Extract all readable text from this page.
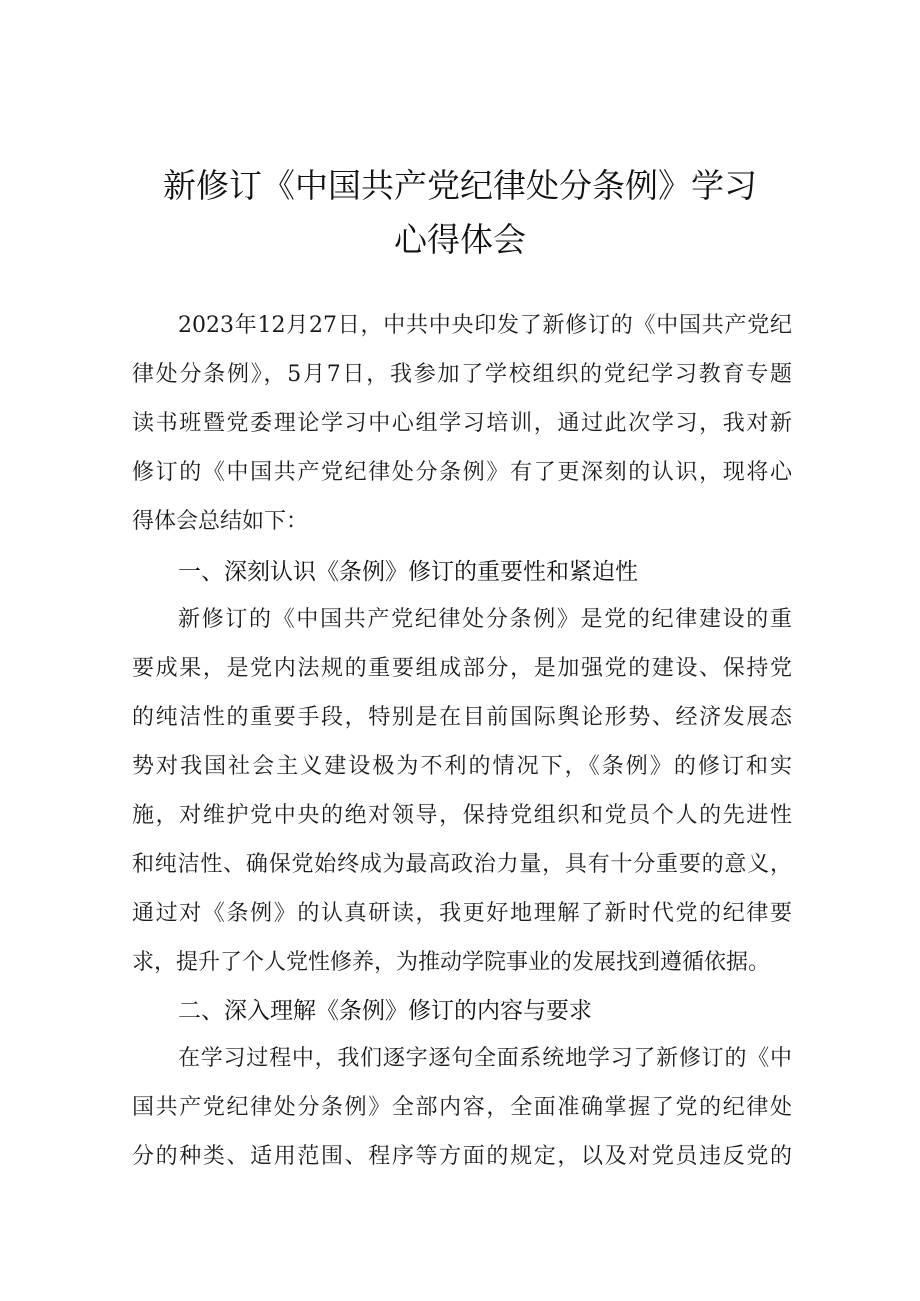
新修订《中国共产党纪律处分条例》学习
心得体会
2023年12月27日，中共中央印发了新修订的《中国共产党纪
律处分条例》，5月7日，我参加了学校组织的党纪学习教育专题
读书班暨党委理论学习中心组学习培训，通过此次学习，我对新
修订的《中国共产党纪律处分条例》有了更深刻的认识，现将心
得体会总结如下：
一、深刻认识《条例》修订的重要性和紧迫性
新修订的《中国共产党纪律处分条例》是党的纪律建设的重
要成果，是党内法规的重要组成部分，是加强党的建设、保持党
的纯洁性的重要手段，特别是在目前国际舆论形势、经济发展态
势对我国社会主义建设极为不利的情况下，《条例》的修订和实
施，对维护党中央的绝对领导，保持党组织和党员个人的先进性
和纯洁性、确保党始终成为最高政治力量，具有十分重要的意义，
通过对《条例》的认真研读，我更好地理解了新时代党的纪律要
求，提升了个人党性修养，为推动学院事业的发展找到遵循依据。
二、深入理解《条例》修订的内容与要求
在学习过程中，我们逐字逐句全面系统地学习了新修订的《中
国共产党纪律处分条例》全部内容，全面准确掌握了党的纪律处
分的种类、适用范围、程序等方面的规定，以及对党员违反党的
